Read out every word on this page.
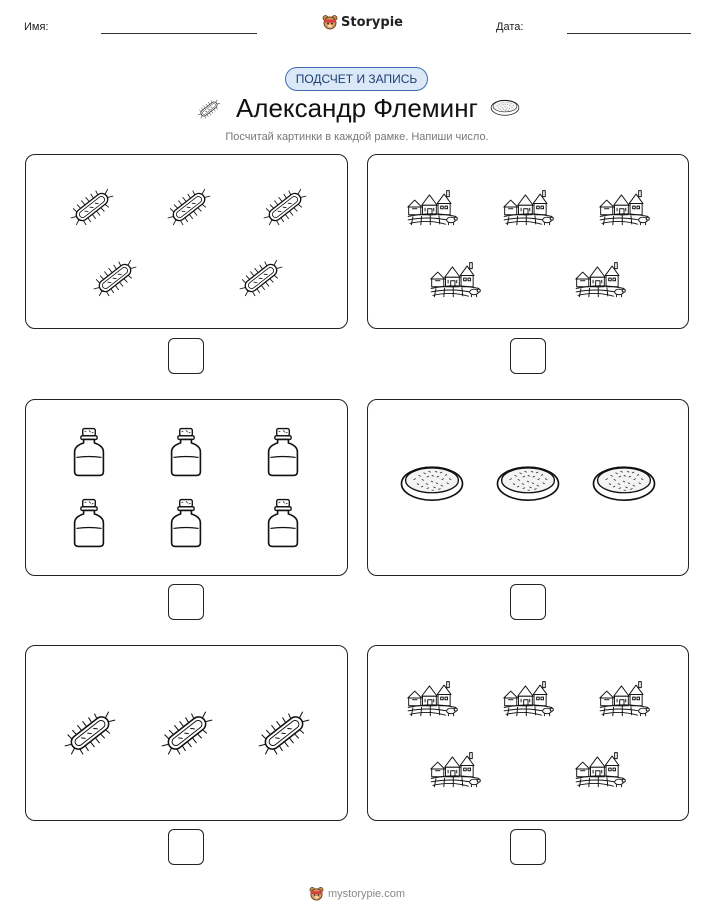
Имя:	Storypie	Дата:
ПОДСЧЕТ И ЗАПИСЬ
Александр Флеминг
Посчитай картинки в каждой рамке. Напиши число.
mystorypie.com
